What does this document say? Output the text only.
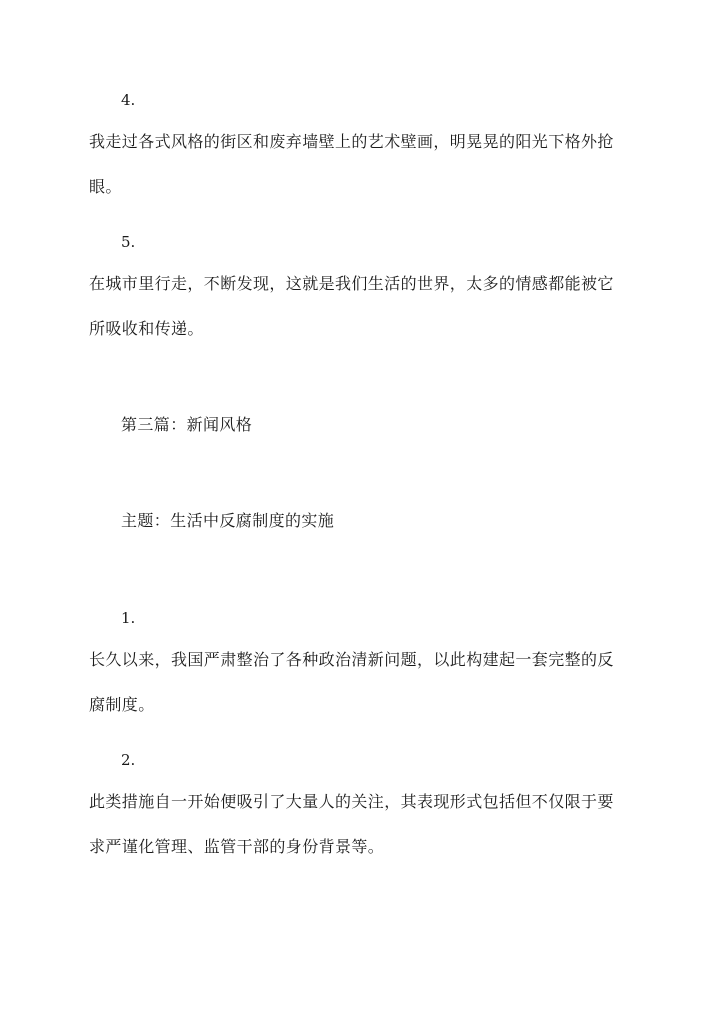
4.
我走过各式风格的街区和废弃墙壁上的艺术壁画，明晃晃的阳光下格外抢
眼。
5.
在城市里行走，不断发现，这就是我们生活的世界，太多的情感都能被它
所吸收和传递。
第三篇：新闻风格
主题：生活中反腐制度的实施
1.
长久以来，我国严肃整治了各种政治清新问题，以此构建起一套完整的反
腐制度。
2.
此类措施自一开始便吸引了大量人的关注，其表现形式包括但不仅限于要
求严谨化管理、监管干部的身份背景等。
